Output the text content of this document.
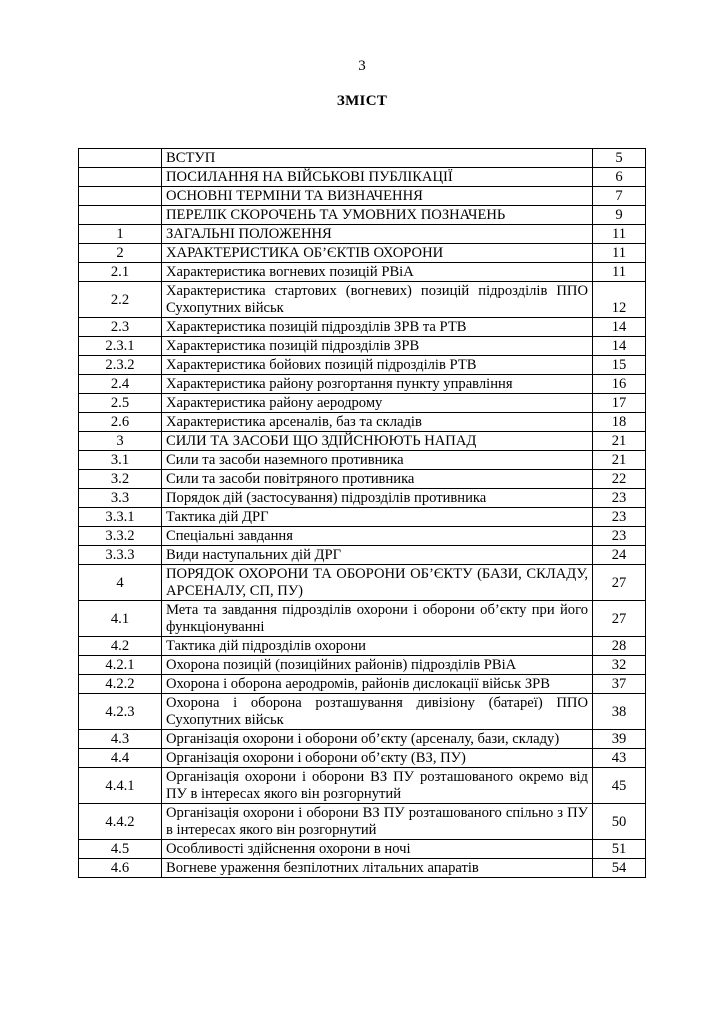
3
ЗМІСТ
	ВСТУП	5
	ПОСИЛАННЯ НА ВІЙСЬКОВІ ПУБЛІКАЦІЇ	6
	ОСНОВНІ ТЕРМІНИ ТА ВИЗНАЧЕННЯ	7
	ПЕРЕЛІК СКОРОЧЕНЬ ТА УМОВНИХ ПОЗНАЧЕНЬ	9
1	ЗАГАЛЬНІ ПОЛОЖЕННЯ	11
2	ХАРАКТЕРИСТИКА ОБ’ЄКТІВ ОХОРОНИ	11
2.1	Характеристика вогневих позицій РВіА	11
2.2	Характеристика стартових (вогневих) позицій підрозділів ППО Сухопутних військ	12
2.3	Характеристика позицій підрозділів ЗРВ та РТВ	14
2.3.1	Характеристика позицій підрозділів ЗРВ	14
2.3.2	Характеристика бойових позицій підрозділів РТВ	15
2.4	Характеристика району розгортання пункту управління	16
2.5	Характеристика району аеродрому	17
2.6	Характеристика арсеналів, баз та складів	18
3	СИЛИ ТА ЗАСОБИ ЩО ЗДІЙСНЮЮТЬ НАПАД	21
3.1	Сили та засоби наземного противника	21
3.2	Сили та засоби повітряного противника	22
3.3	Порядок дій (застосування) підрозділів противника	23
3.3.1	Тактика дій ДРГ	23
3.3.2	Спеціальні завдання	23
3.3.3	Види наступальних дій ДРГ	24
4	ПОРЯДОК ОХОРОНИ ТА ОБОРОНИ ОБ’ЄКТУ (БАЗИ, СКЛАДУ, АРСЕНАЛУ, СП, ПУ)	27
4.1	Мета та завдання підрозділів охорони і оборони об’єкту при його функціонуванні	27
4.2	Тактика дій підрозділів охорони	28
4.2.1	Охорона позицій (позиційних районів) підрозділів РВіА	32
4.2.2	Охорона і оборона аеродромів, районів дислокації військ ЗРВ	37
4.2.3	Охорона і оборона розташування дивізіону (батареї) ППО Сухопутних військ	38
4.3	Організація охорони і оборони об’єкту (арсеналу, бази, складу)	39
4.4	Організація охорони і оборони об’єкту (ВЗ, ПУ)	43
4.4.1	Організація охорони і оборони ВЗ ПУ розташованого окремо від ПУ в інтересах якого він розгорнутий	45
4.4.2	Організація охорони і оборони ВЗ ПУ розташованого спільно з ПУ в інтересах якого він розгорнутий	50
4.5	Особливості здійснення охорони в ночі	51
4.6	Вогневе ураження безпілотних літальних апаратів	54
